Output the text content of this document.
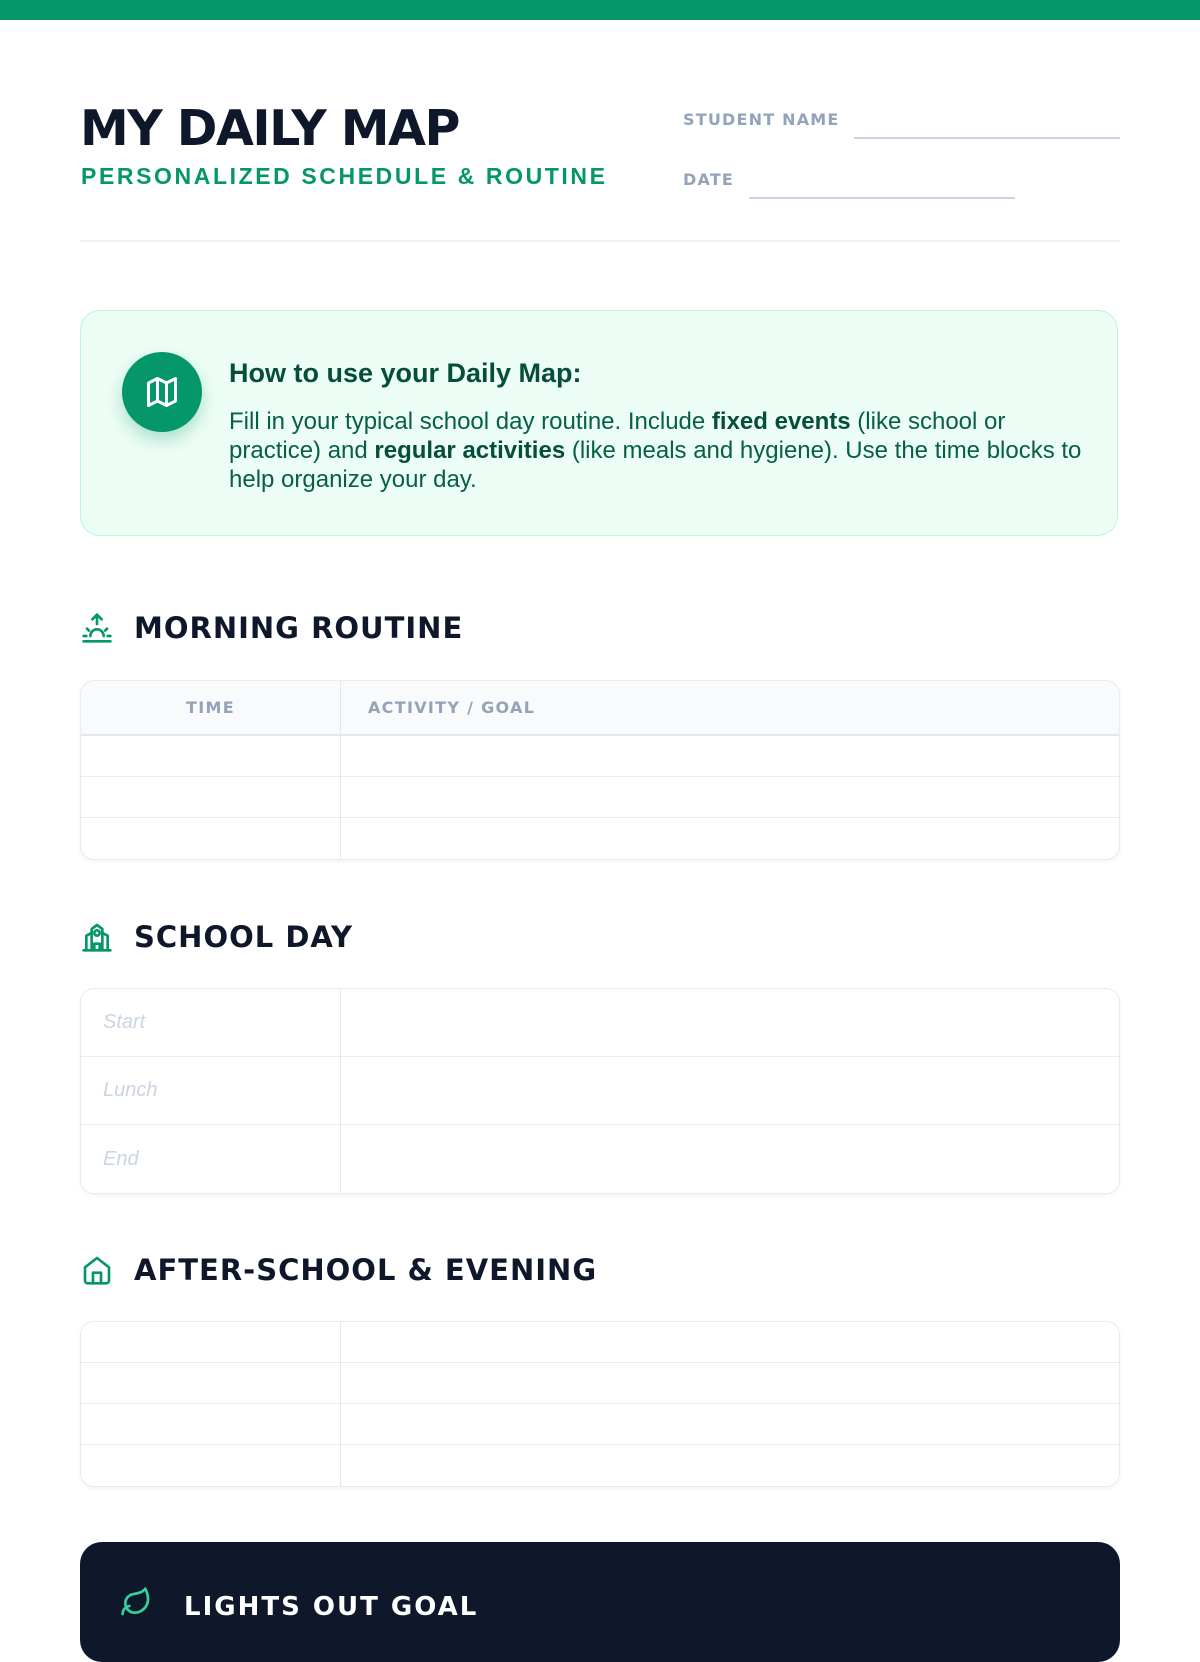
MY DAILY MAP
PERSONALIZED SCHEDULE & ROUTINE
STUDENT NAME
DATE
How to use your Daily Map:

Fill in your typical school day routine. Include fixed events (like school or practice) and regular activities (like meals and hygiene). Use the time blocks to help organize your day.

MORNING ROUTINE
TIME	ACTIVITY / GOAL
SCHOOL DAY
Start
Lunch
End
AFTER-SCHOOL & EVENING
LIGHTS OUT GOAL
